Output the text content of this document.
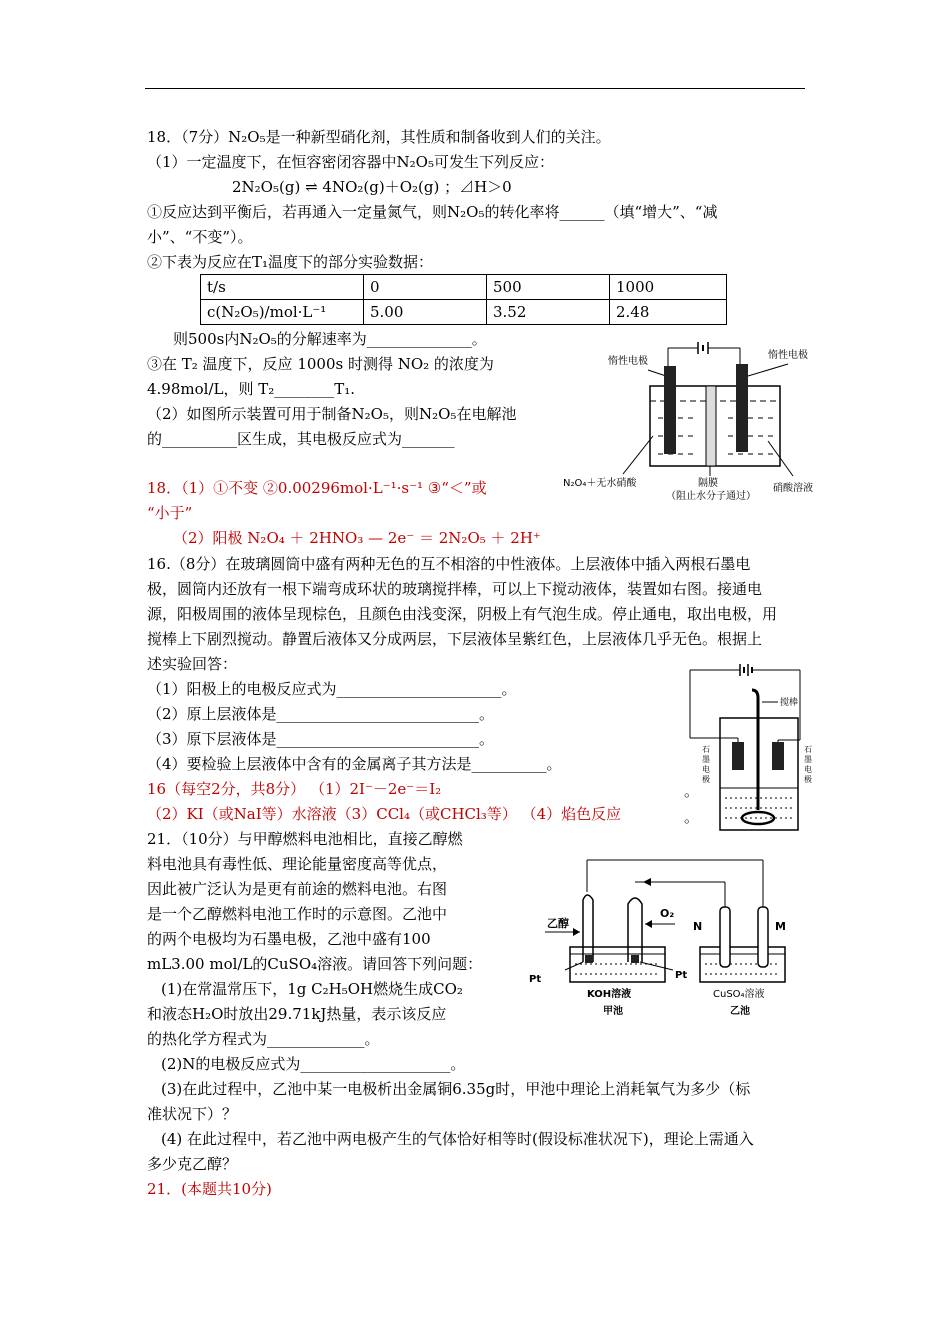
18．（7分）N₂O₅是一种新型硝化剂，其性质和制备收到人们的关注。
（1）一定温度下，在恒容密闭容器中N₂O₅可发生下列反应：
2N₂O₅(g) ⇌ 4NO₂(g)＋O₂(g) ；⊿H＞0
①反应达到平衡后，若再通入一定量氮气，则N₂O₅的转化率将______（填“增大”、“减
小”、“不变”）。
②下表为反应在T₁温度下的部分实验数据：
t/s	0	500	1000
c(N₂O₅)/mol·L⁻¹	5.00	3.52	2.48
则500s内N₂O₅的分解速率为______________。
③在 T₂ 温度下，反应 1000s 时测得 NO₂ 的浓度为
4.98mol/L，则 T₂________T₁.
（2）如图所示装置可用于制备N₂O₅，则N₂O₅在电解池
的__________区生成，其电极反应式为_______
惰性电极
惰性电极
N₂O₄＋无水硝酸	隔膜
（阻止水分子通过）
硝酸溶液
18．（1）①不变 ②0.00296mol·L⁻¹·s⁻¹ ③“＜”或
“小于”
（2）阳极 N₂O₄ ＋ 2HNO₃ — 2e⁻ ＝ 2N₂O₅ ＋ 2H⁺
16.（8分）在玻璃圆筒中盛有两种无色的互不相溶的中性液体。上层液体中插入两根石墨电
极，圆筒内还放有一根下端弯成环状的玻璃搅拌棒，可以上下搅动液体，装置如右图。接通电
源，阳极周围的液体呈现棕色，且颜色由浅变深，阴极上有气泡生成。停止通电，取出电极，用
搅棒上下剧烈搅动。静置后液体又分成两层，下层液体呈紫红色，上层液体几乎无色。根据上
述实验回答：
（1）阳极上的电极反应式为______________________。
（2）原上层液体是___________________________。
（3）原下层液体是___________________________。
（4）要检验上层液体中含有的金属离子其方法是__________。
16（每空2分，共8分） （1）2I⁻－2e⁻＝I₂
（2）KI（或NaI等）水溶液（3）CCl₄（或CHCl₃等） （4）焰色反应
。
。
搅棒
石墨电极
石墨电极
21．（10分）与甲醇燃料电池相比，直接乙醇燃
料电池具有毒性低、理论能量密度高等优点，
因此被广泛认为是更有前途的燃料电池。右图
是一个乙醇燃料电池工作时的示意图。乙池中
的两个电极均为石墨电极，乙池中盛有100
mL3.00 mol/L的CuSO₄溶液。请回答下列问题：
(1)在常温常压下，1g C₂H₅OH燃烧生成CO₂
和液态H₂O时放出29.71kJ热量，表示该反应
的热化学方程式为_____________。
(2)N的电极反应式为____________________。
(3)在此过程中，乙池中某一电极析出金属铜6.35g时，甲池中理论上消耗氧气为多少（标
准状况下）？
(4) 在此过程中，若乙池中两电极产生的气体恰好相等时(假设标准状况下)，理论上需通入
多少克乙醇？
21．(本题共10分)
乙醇
O₂
Pt	Pt
KOH溶液
甲池
N	M
CuSO₄溶液
乙池
